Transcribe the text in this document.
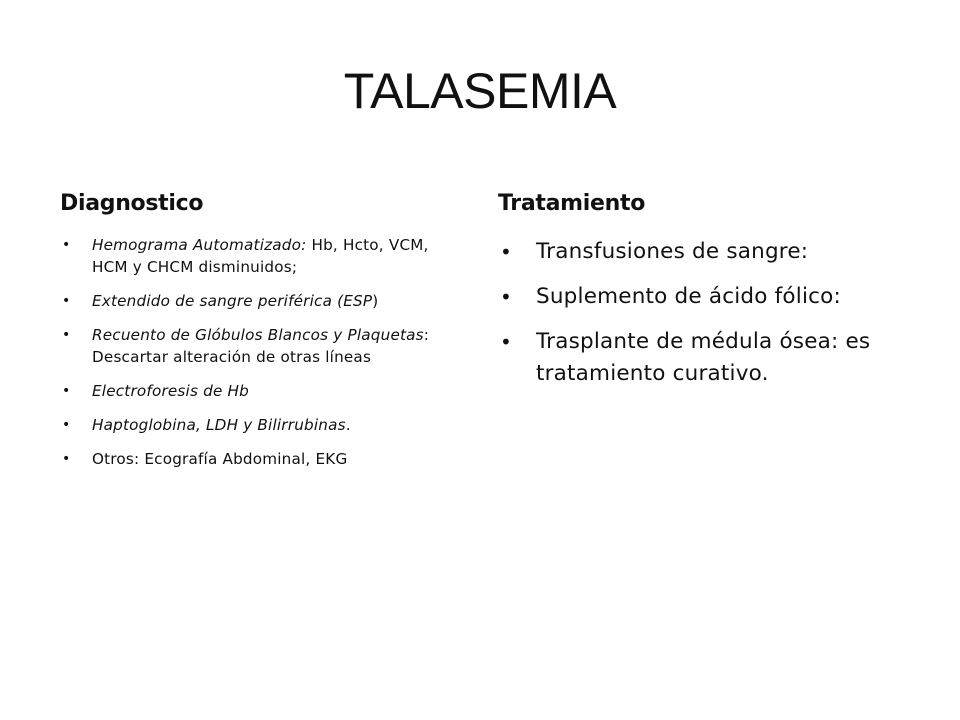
TALASEMIA
Diagnostico
• Hemograma Automatizado: Hb, Hcto, VCM, HCM y CHCM disminuidos;
• Extendido de sangre periférica (ESP)
• Recuento de Glóbulos Blancos y Plaquetas: Descartar alteración de otras líneas
• Electroforesis de Hb
• Haptoglobina, LDH y Bilirrubinas.
• Otros: Ecografía Abdominal, EKG
Tratamiento
• Transfusiones de sangre:
• Suplemento de ácido fólico:
• Trasplante de médula ósea: es tratamiento curativo.
